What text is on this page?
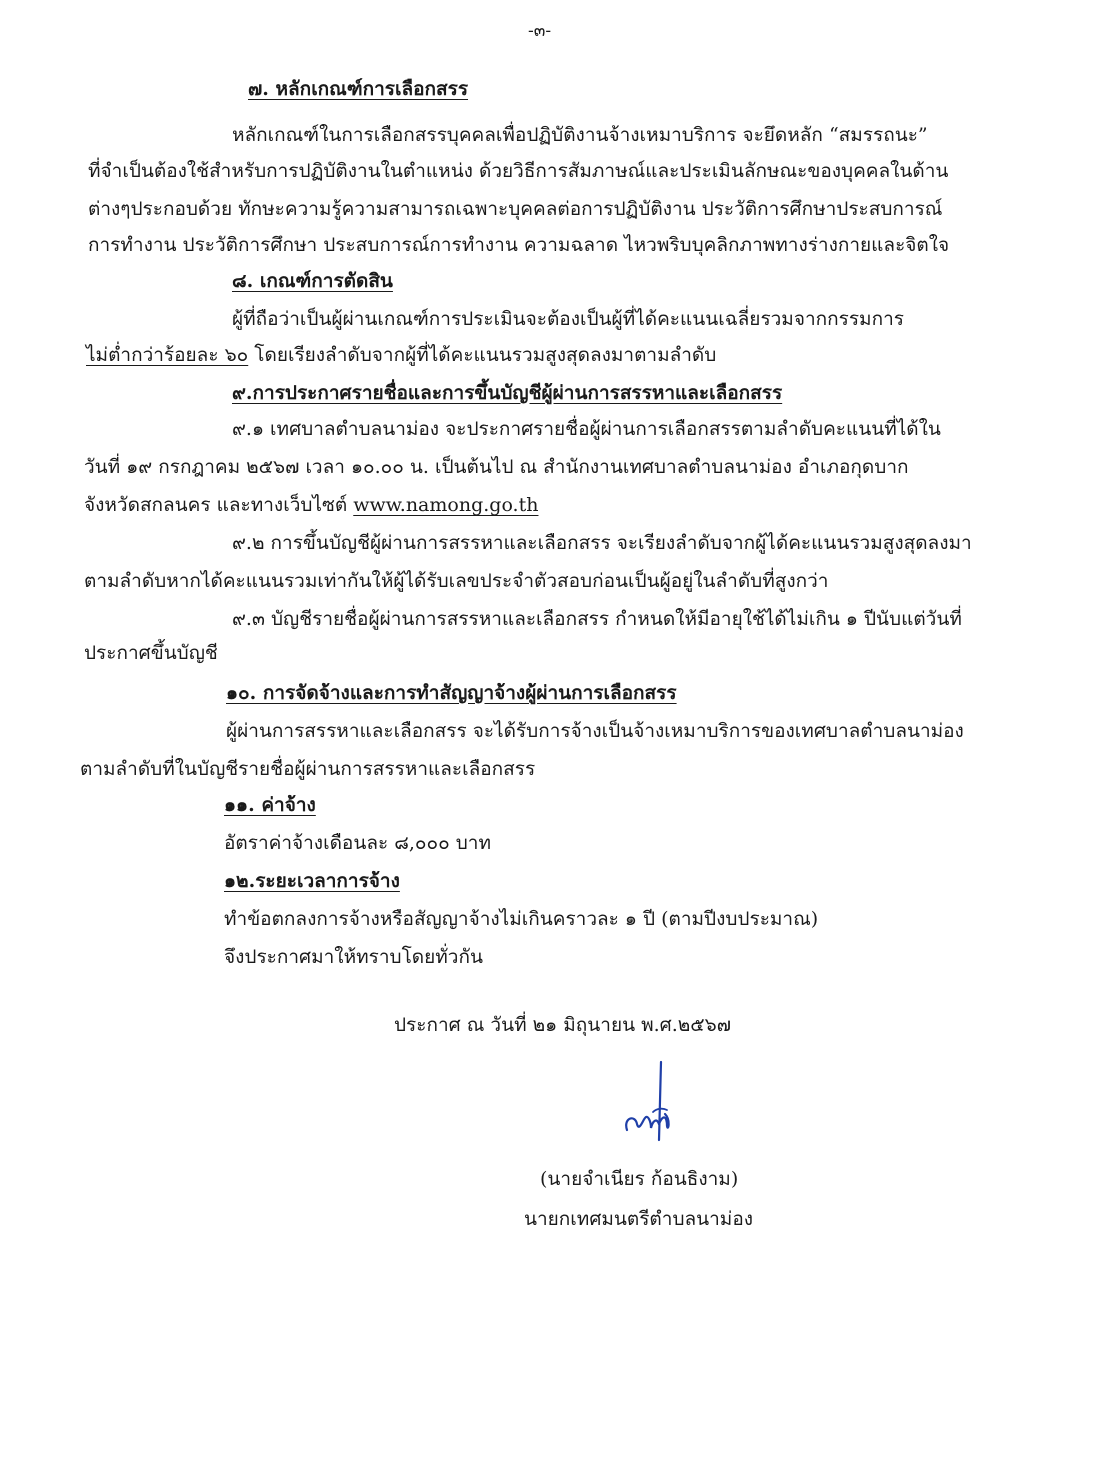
-๓-
๗. หลักเกณฑ์การเลือกสรร
หลักเกณฑ์ในการเลือกสรรบุคคลเพื่อปฏิบัติงานจ้างเหมาบริการ จะยึดหลัก “สมรรถนะ”
ที่จำเป็นต้องใช้สำหรับการปฏิบัติงานในตำแหน่ง ด้วยวิธีการสัมภาษณ์และประเมินลักษณะของบุคคลในด้าน
ต่างๆประกอบด้วย ทักษะความรู้ความสามารถเฉพาะบุคคลต่อการปฏิบัติงาน ประวัติการศึกษาประสบการณ์
การทำงาน ประวัติการศึกษา ประสบการณ์การทำงาน ความฉลาด ไหวพริบบุคลิกภาพทางร่างกายและจิตใจ
๘. เกณฑ์การตัดสิน
ผู้ที่ถือว่าเป็นผู้ผ่านเกณฑ์การประเมินจะต้องเป็นผู้ที่ได้คะแนนเฉลี่ยรวมจากกรรมการ
ไม่ต่ำกว่าร้อยละ ๖๐ โดยเรียงลำดับจากผู้ที่ได้คะแนนรวมสูงสุดลงมาตามลำดับ
๙.การประกาศรายชื่อและการขึ้นบัญชีผู้ผ่านการสรรหาและเลือกสรร
๙.๑ เทศบาลตำบลนาม่อง จะประกาศรายชื่อผู้ผ่านการเลือกสรรตามลำดับคะแนนที่ได้ใน
วันที่ ๑๙ กรกฎาคม ๒๕๖๗ เวลา ๑๐.๐๐ น. เป็นต้นไป ณ สำนักงานเทศบาลตำบลนาม่อง อำเภอกุดบาก
จังหวัดสกลนคร และทางเว็บไซต์ www.namong.go.th
๙.๒ การขึ้นบัญชีผู้ผ่านการสรรหาและเลือกสรร จะเรียงลำดับจากผู้ได้คะแนนรวมสูงสุดลงมา
ตามลำดับหากได้คะแนนรวมเท่ากันให้ผู้ได้รับเลขประจำตัวสอบก่อนเป็นผู้อยู่ในลำดับที่สูงกว่า
๙.๓ บัญชีรายชื่อผู้ผ่านการสรรหาและเลือกสรร กำหนดให้มีอายุใช้ได้ไม่เกิน ๑ ปีนับแต่วันที่
ประกาศขึ้นบัญชี
๑๐. การจัดจ้างและการทำสัญญาจ้างผู้ผ่านการเลือกสรร
ผู้ผ่านการสรรหาและเลือกสรร จะได้รับการจ้างเป็นจ้างเหมาบริการของเทศบาลตำบลนาม่อง
ตามลำดับที่ในบัญชีรายชื่อผู้ผ่านการสรรหาและเลือกสรร
๑๑. ค่าจ้าง
อัตราค่าจ้างเดือนละ ๘,๐๐๐ บาท
๑๒.ระยะเวลาการจ้าง
ทำข้อตกลงการจ้างหรือสัญญาจ้างไม่เกินคราวละ ๑ ปี (ตามปีงบประมาณ)
จึงประกาศมาให้ทราบโดยทั่วกัน
ประกาศ ณ วันที่ ๒๑ มิถุนายน พ.ศ.๒๕๖๗
(นายจำเนียร ก้อนธิงาม)
นายกเทศมนตรีตำบลนาม่อง
